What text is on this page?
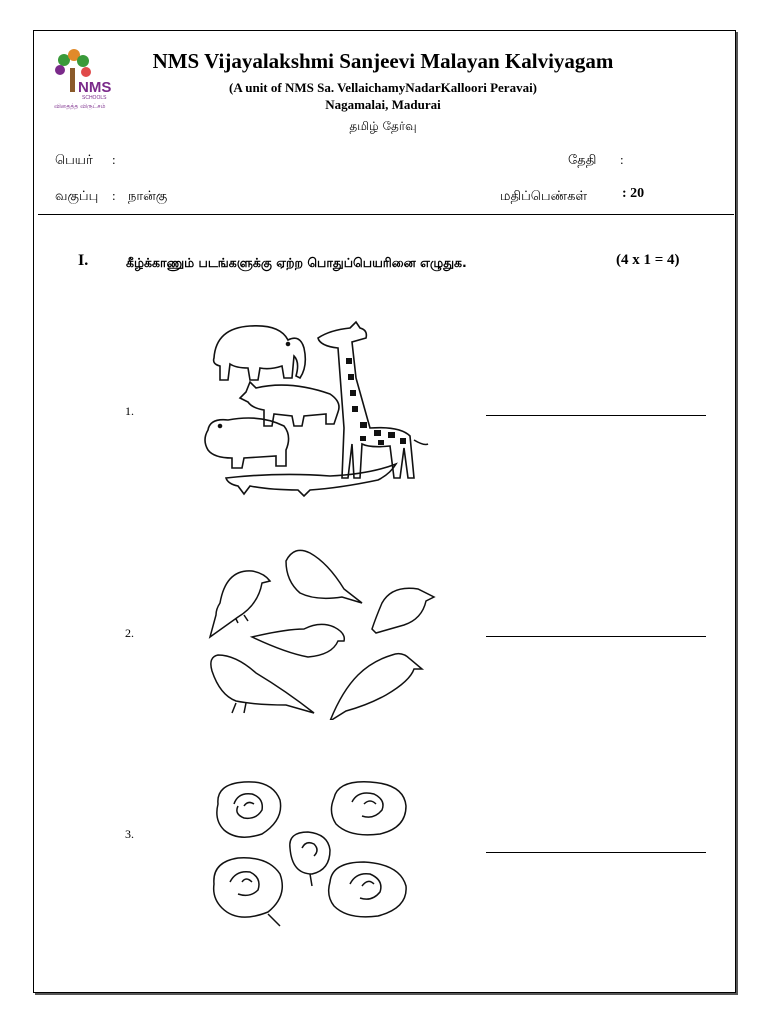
NMS
SCHOOLS
விதைத்த விருட்சம்
NMS Vijayalakshmi Sanjeevi Malayan Kalviyagam
(A unit of NMS Sa. VellaichamyNadarKalloori Peravai)
Nagamalai, Madurai
தமிழ் தேர்வு
பெயர் :	தேதி :
வகுப்பு : நான்கு	மதிப்பெண்கள் : 20
I.	கீழ்க்காணும் படங்களுக்கு ஏற்ற பொதுப்பெயரினை எழுதுக.	(4 x 1 = 4)
1.
2.
3.
